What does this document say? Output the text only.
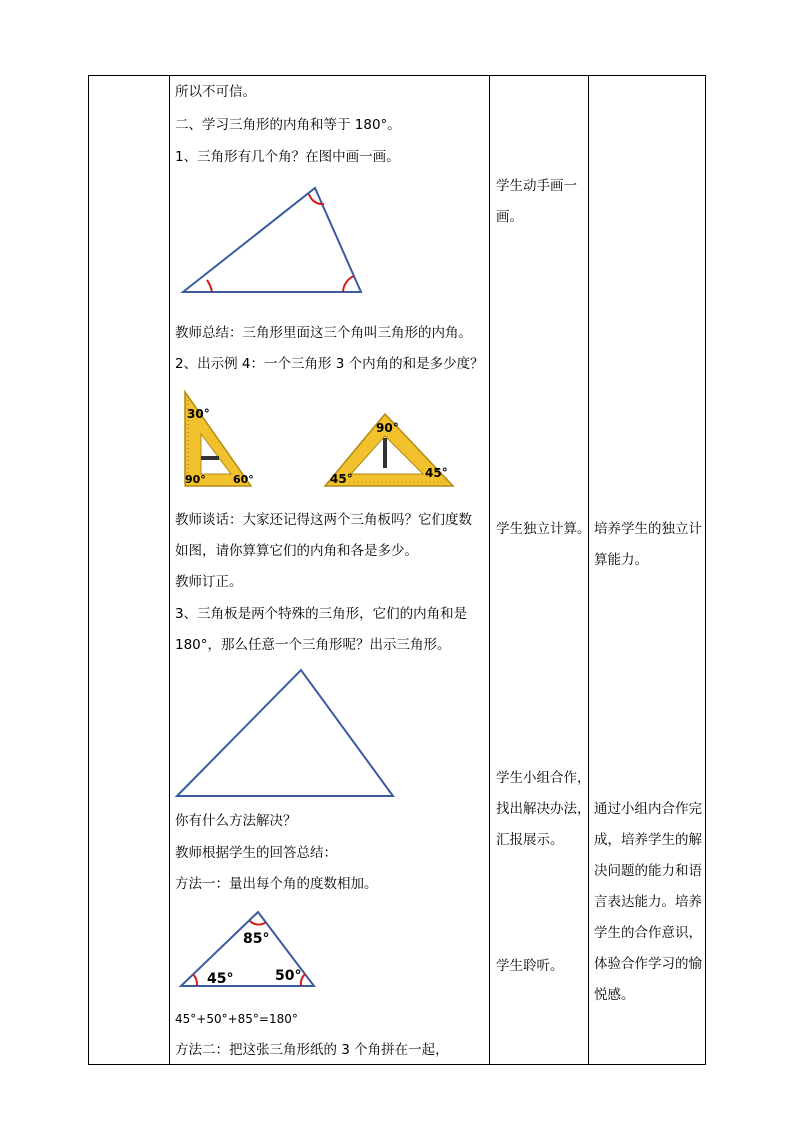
所以不可信。
二、学习三角形的内角和等于 180°。
1、三角形有几个角？在图中画一画。
教师总结：三角形里面这三个角叫三角形的内角。
2、出示例 4：一个三角形 3 个内角的和是多少度？
30°
90° 60°
90°
45°	45°
教师谈话：大家还记得这两个三角板吗？它们度数
如图，请你算算它们的内角和各是多少。
教师订正。
3、三角板是两个特殊的三角形，它们的内角和是
180°，那么任意一个三角形呢？出示三角形。
你有什么方法解决？
教师根据学生的回答总结：
方法一：量出每个角的度数相加。
85°
45°	50°
45°+50°+85°=180°
方法二：把这张三角形纸的 3 个角拼在一起，
学生动手画一画。
学生独立计算。
学生小组合作，找出解决办法，汇报展示。
学生聆听。
培养学生的独立计算能力。
通过小组内合作完成，培养学生的解决问题的能力和语言表达能力。培养学生的合作意识，体验合作学习的愉悦感。
